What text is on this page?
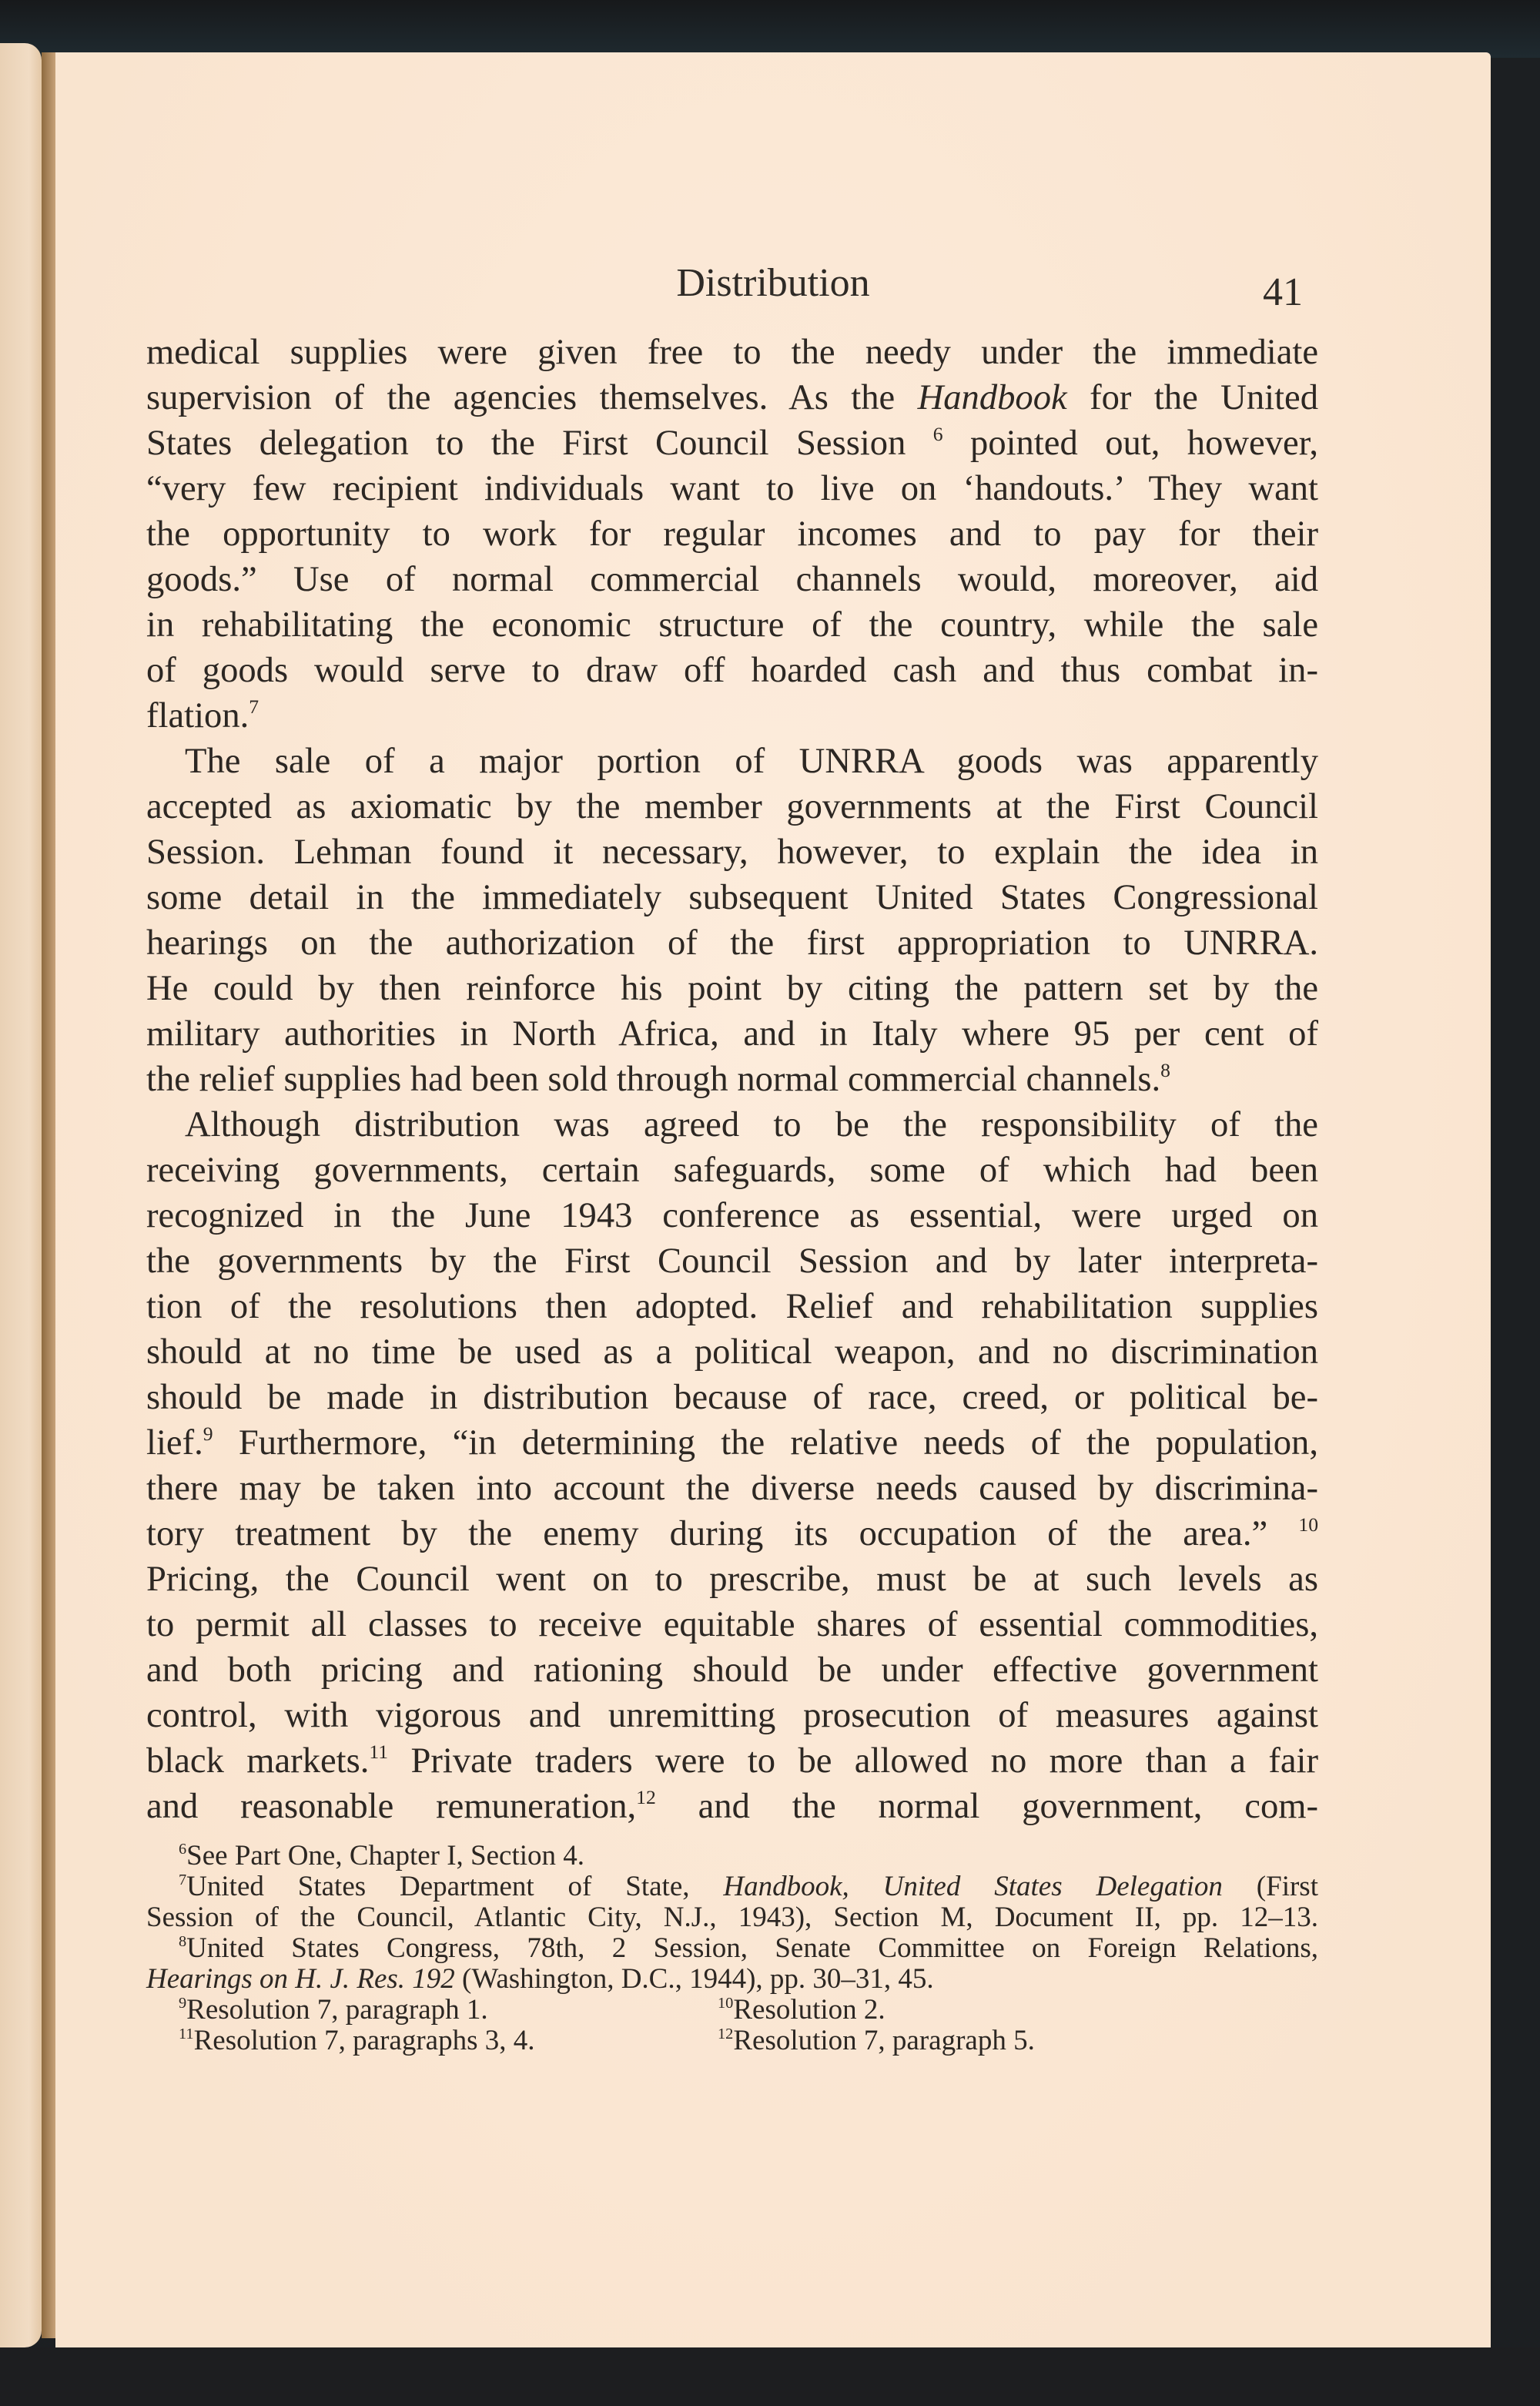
Distribution	41
medical supplies were given free to the needy under the immediate
supervision of the agencies themselves. As the Handbook for the United
States delegation to the First Council Session $^6$ pointed out, however,
“very few recipient individuals want to live on ‘handouts.’ They want
the opportunity to work for regular incomes and to pay for their
goods.” Use of normal commercial channels would, moreover, aid
in rehabilitating the economic structure of the country, while the sale
of goods would serve to draw off hoarded cash and thus combat in-
flation.$^7$
The sale of a major portion of UNRRA goods was apparently
accepted as axiomatic by the member governments at the First Council
Session. Lehman found it necessary, however, to explain the idea in
some detail in the immediately subsequent United States Congressional
hearings on the authorization of the first appropriation to UNRRA.
He could by then reinforce his point by citing the pattern set by the
military authorities in North Africa, and in Italy where 95 per cent of
the relief supplies had been sold through normal commercial channels.$^8$
Although distribution was agreed to be the responsibility of the
receiving governments, certain safeguards, some of which had been
recognized in the June 1943 conference as essential, were urged on
the governments by the First Council Session and by later interpreta-
tion of the resolutions then adopted. Relief and rehabilitation supplies
should at no time be used as a political weapon, and no discrimination
should be made in distribution because of race, creed, or political be-
lief.$^9$ Furthermore, “in determining the relative needs of the population,
there may be taken into account the diverse needs caused by discrimina-
tory treatment by the enemy during its occupation of the area.” $^{10}$
Pricing, the Council went on to prescribe, must be at such levels as
to permit all classes to receive equitable shares of essential commodities,
and both pricing and rationing should be under effective government
control, with vigorous and unremitting prosecution of measures against
black markets.$^{11}$ Private traders were to be allowed no more than a fair
and reasonable remuneration,$^{12}$ and the normal government, com-
$^6$See Part One, Chapter I, Section 4.
$^7$United States Department of State, Handbook, United States Delegation (First
Session of the Council, Atlantic City, N.J., 1943), Section M, Document II, pp. 12–13.
$^8$United States Congress, 78th, 2 Session, Senate Committee on Foreign Relations,
Hearings on H. J. Res. 192 (Washington, D.C., 1944), pp. 30–31, 45.
$^9$Resolution 7, paragraph 1.	$^{10}$Resolution 2.
$^{11}$Resolution 7, paragraphs 3, 4.	$^{12}$Resolution 7, paragraph 5.
